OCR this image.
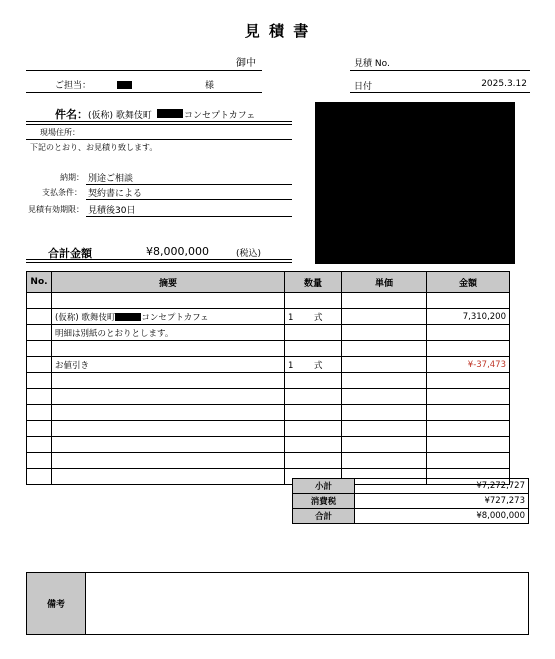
見 積 書
御中	見積 No.
日付	2025.3.12
ご担当：	様
件名： (仮称) 歌舞伎町	コンセプトカフェ
現場住所：
下記のとおり、お見積り致します。
納期： 別途ご相談
支払条件： 契約書による
見積有効期限： 見積後30日
合計金額	¥8,000,000	(税込)
No.	摘要	数量	単価	金額

	(仮称) 歌舞伎町 コンセプトカフェ	1 式		7,310,200
	明細は別紙のとおりとします。			

	お値引き	1 式		¥-37,473

小計	¥7,272,727
消費税	¥727,273
合計	¥8,000,000
備考
